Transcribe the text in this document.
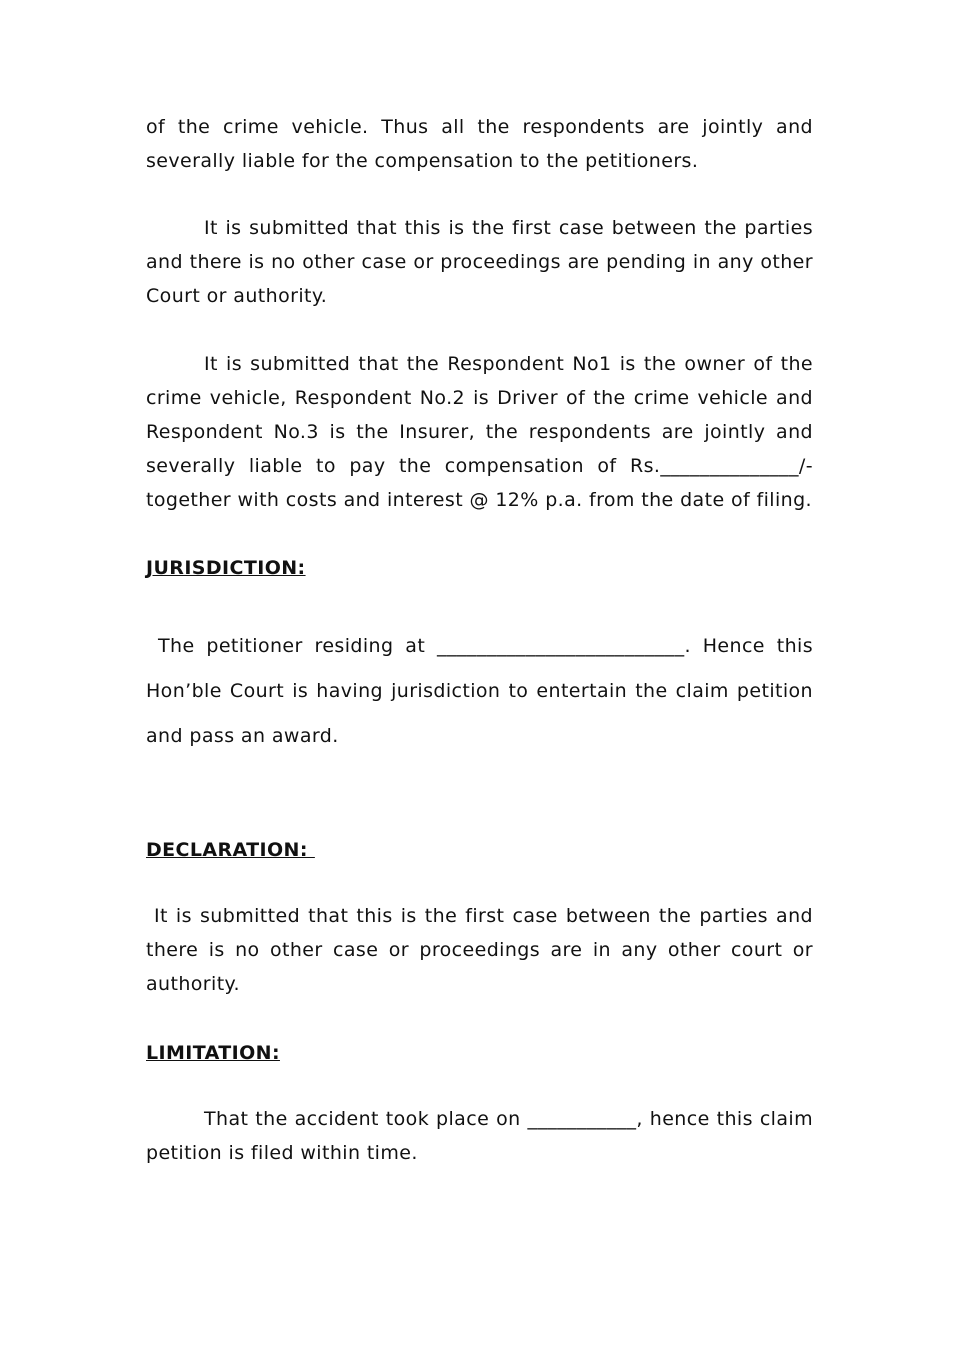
of the crime vehicle. Thus all the respondents are jointly and severally liable for the compensation to the petitioners.

It is submitted that this is the first case between the parties and there is no other case or proceedings are pending in any other Court or authority.

It is submitted that the Respondent No1 is the owner of the crime vehicle, Respondent No.2 is Driver of the crime vehicle and Respondent No.3 is the Insurer, the respondents are jointly and severally liable to pay the compensation of Rs.______________/- together with costs and interest @ 12% p.a. from the date of filing.

JURISDICTION:

The petitioner residing at _________________________. Hence this Hon’ble Court is having jurisdiction to entertain the claim petition and pass an award.

DECLARATION:

It is submitted that this is the first case between the parties and there is no other case or proceedings are in any other court or authority.

LIMITATION:

That the accident took place on ___________, hence this claim petition is filed within time.
